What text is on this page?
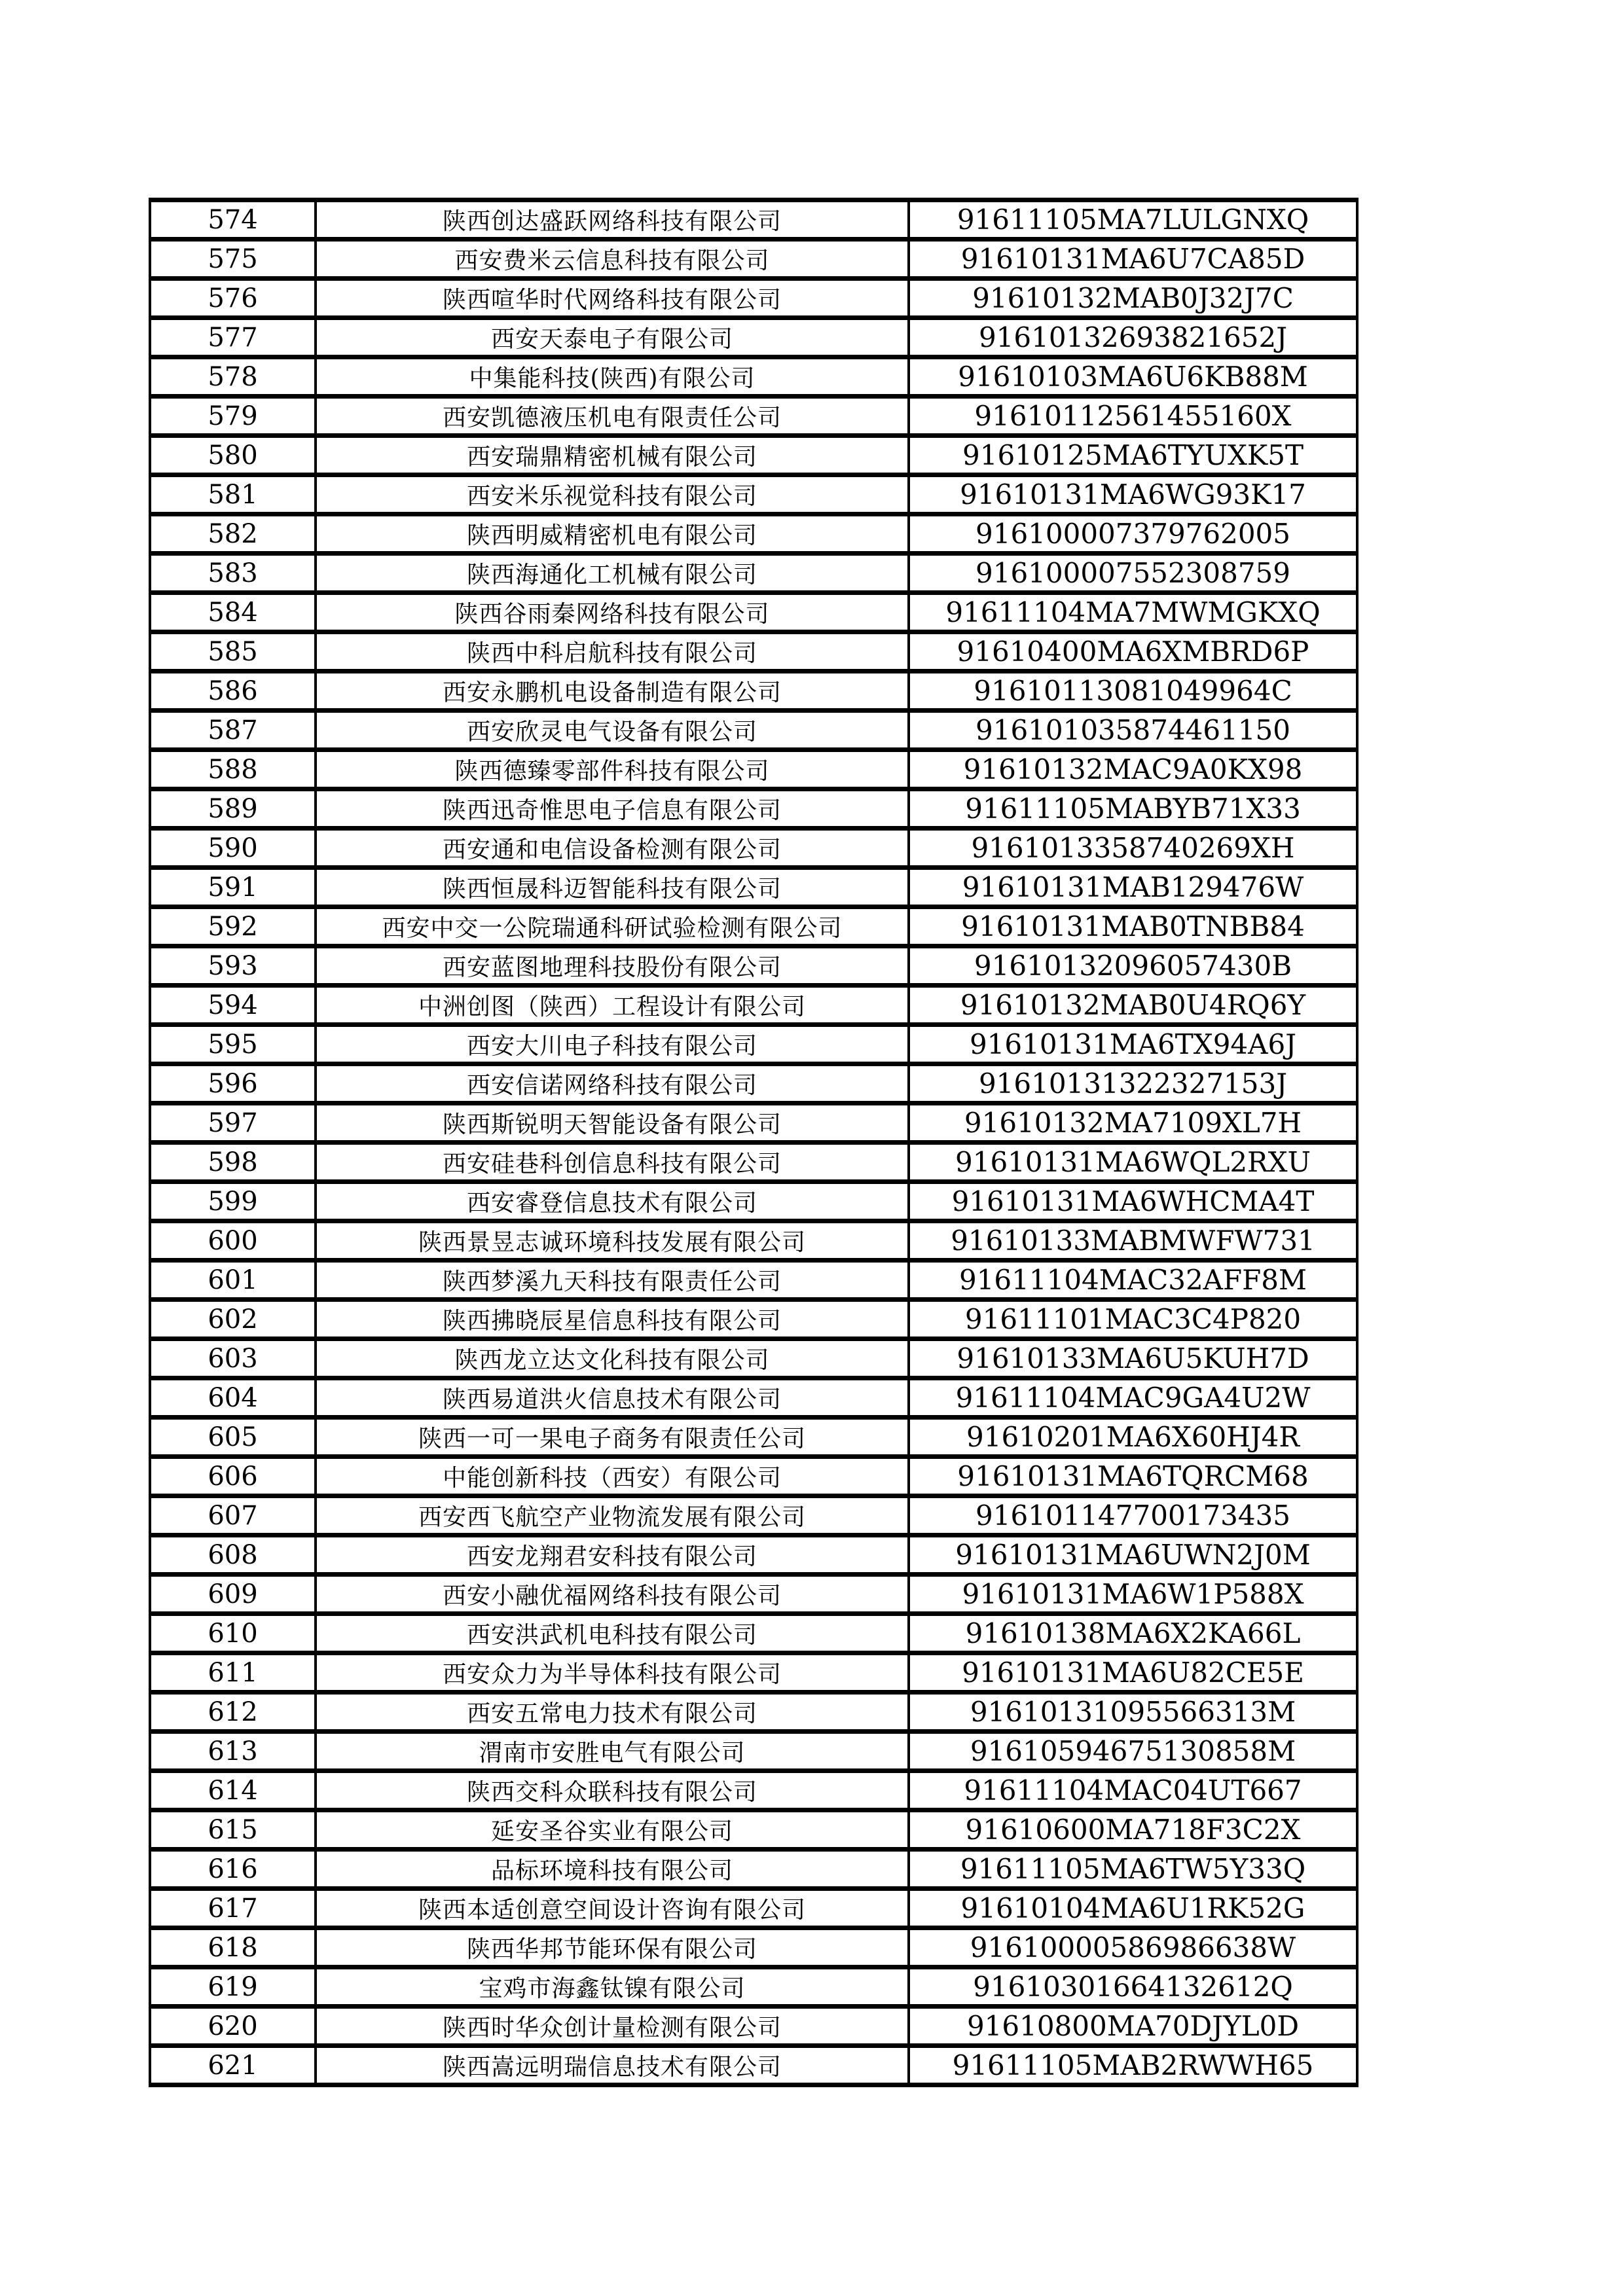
574	陕西创达盛跃网络科技有限公司	91611105MA7LULGNXQ
575	西安费米云信息科技有限公司	91610131MA6U7CA85D
576	陕西喧华时代网络科技有限公司	91610132MAB0J32J7C
577	西安天泰电子有限公司	91610132693821652J
578	中集能科技(陕西)有限公司	91610103MA6U6KB88M
579	西安凯德液压机电有限责任公司	91610112561455160X
580	西安瑞鼎精密机械有限公司	91610125MA6TYUXK5T
581	西安米乐视觉科技有限公司	91610131MA6WG93K17
582	陕西明威精密机电有限公司	916100007379762005
583	陕西海通化工机械有限公司	916100007552308759
584	陕西谷雨秦网络科技有限公司	91611104MA7MWMGKXQ
585	陕西中科启航科技有限公司	91610400MA6XMBRD6P
586	西安永鹏机电设备制造有限公司	91610113081049964C
587	西安欣灵电气设备有限公司	916101035874461150
588	陕西德臻零部件科技有限公司	91610132MAC9A0KX98
589	陕西迅奇惟思电子信息有限公司	91611105MABYB71X33
590	西安通和电信设备检测有限公司	9161013358740269XH
591	陕西恒晟科迈智能科技有限公司	91610131MAB129476W
592	西安中交一公院瑞通科研试验检测有限公司	91610131MAB0TNBB84
593	西安蓝图地理科技股份有限公司	91610132096057430B
594	中洲创图（陕西）工程设计有限公司	91610132MAB0U4RQ6Y
595	西安大川电子科技有限公司	91610131MA6TX94A6J
596	西安信诺网络科技有限公司	91610131322327153J
597	陕西斯锐明天智能设备有限公司	91610132MA7109XL7H
598	西安硅巷科创信息科技有限公司	91610131MA6WQL2RXU
599	西安睿登信息技术有限公司	91610131MA6WHCMA4T
600	陕西景昱志诚环境科技发展有限公司	91610133MABMWFW731
601	陕西梦溪九天科技有限责任公司	91611104MAC32AFF8M
602	陕西拂晓辰星信息科技有限公司	91611101MAC3C4P820
603	陕西龙立达文化科技有限公司	91610133MA6U5KUH7D
604	陕西易道洪火信息技术有限公司	91611104MAC9GA4U2W
605	陕西一可一果电子商务有限责任公司	91610201MA6X60HJ4R
606	中能创新科技（西安）有限公司	91610131MA6TQRCM68
607	西安西飞航空产业物流发展有限公司	916101147700173435
608	西安龙翔君安科技有限公司	91610131MA6UWN2J0M
609	西安小融优福网络科技有限公司	91610131MA6W1P588X
610	西安洪武机电科技有限公司	91610138MA6X2KA66L
611	西安众力为半导体科技有限公司	91610131MA6U82CE5E
612	西安五常电力技术有限公司	91610131095566313M
613	渭南市安胜电气有限公司	91610594675130858M
614	陕西交科众联科技有限公司	91611104MAC04UT667
615	延安圣谷实业有限公司	91610600MA718F3C2X
616	品标环境科技有限公司	91611105MA6TW5Y33Q
617	陕西本适创意空间设计咨询有限公司	91610104MA6U1RK52G
618	陕西华邦节能环保有限公司	91610000586986638W
619	宝鸡市海鑫钛镍有限公司	91610301664132612Q
620	陕西时华众创计量检测有限公司	91610800MA70DJYL0D
621	陕西嵩远明瑞信息技术有限公司	91611105MAB2RWWH65
